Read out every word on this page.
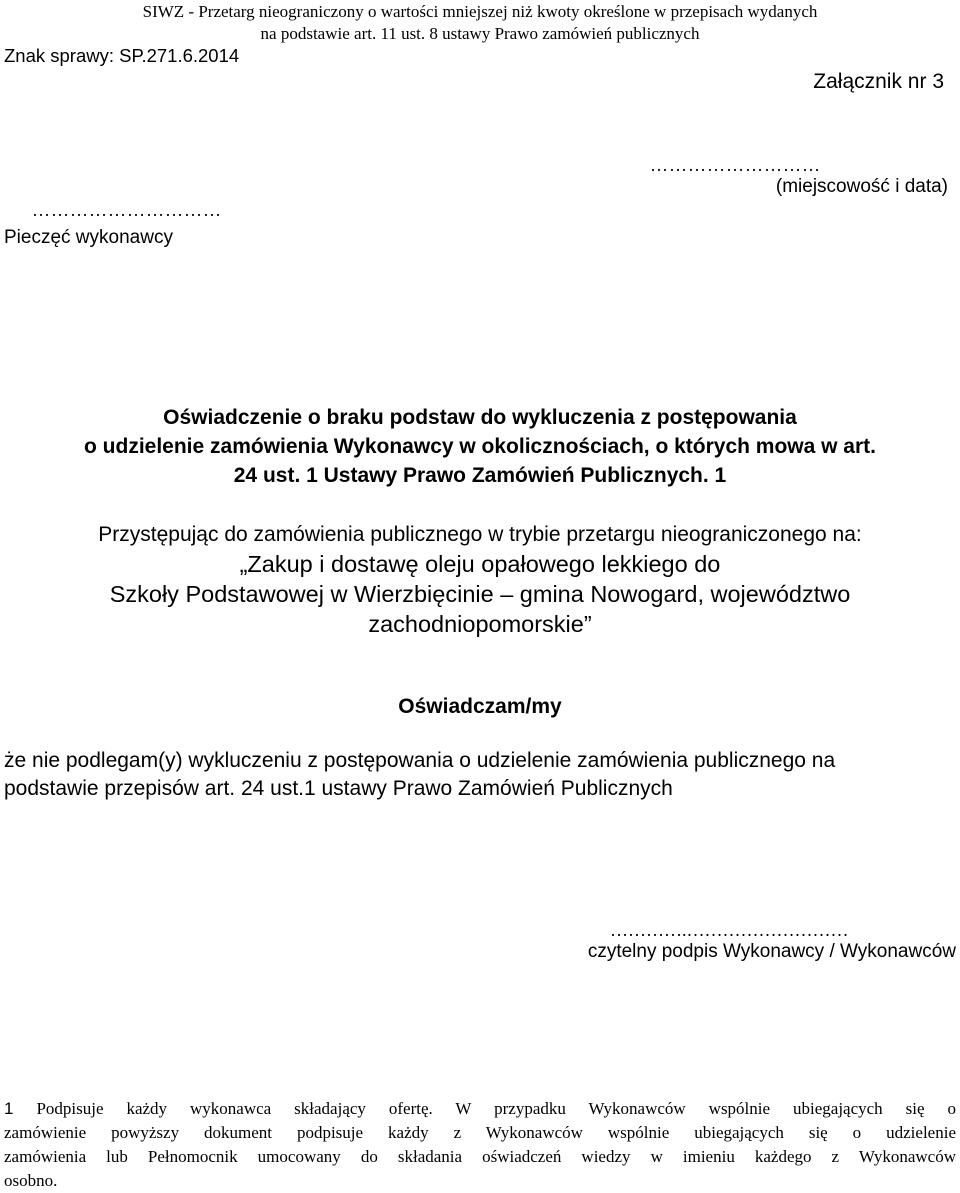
SIWZ - Przetarg nieograniczony o wartości mniejszej niż kwoty określone w przepisach wydanych
na podstawie art. 11 ust. 8 ustawy Prawo zamówień publicznych
Znak sprawy: SP.271.6.2014
Załącznik nr 3
………………………
(miejscowość i data)
…………………………
Pieczęć wykonawcy
Oświadczenie o braku podstaw do wykluczenia z postępowania
o udzielenie zamówienia Wykonawcy w okolicznościach, o których mowa w art.
24 ust. 1 Ustawy Prawo Zamówień Publicznych. 1
Przystępując do zamówienia publicznego w trybie przetargu nieograniczonego na:
„Zakup i dostawę oleju opałowego lekkiego do
Szkoły Podstawowej w Wierzbięcinie – gmina Nowogard, województwo
zachodniopomorskie”
Oświadczam/my
że nie podlegam(y) wykluczeniu z postępowania o udzielenie zamówienia publicznego na
podstawie przepisów art. 24 ust.1 ustawy Prawo Zamówień Publicznych
………….………………………
czytelny podpis Wykonawcy / Wykonawców
1 Podpisuje każdy wykonawca składający ofertę. W przypadku Wykonawców wspólnie ubiegających się o
zamówienie powyższy dokument podpisuje każdy z Wykonawców wspólnie ubiegających się o udzielenie
zamówienia lub Pełnomocnik umocowany do składania oświadczeń wiedzy w imieniu każdego z Wykonawców
osobno.
